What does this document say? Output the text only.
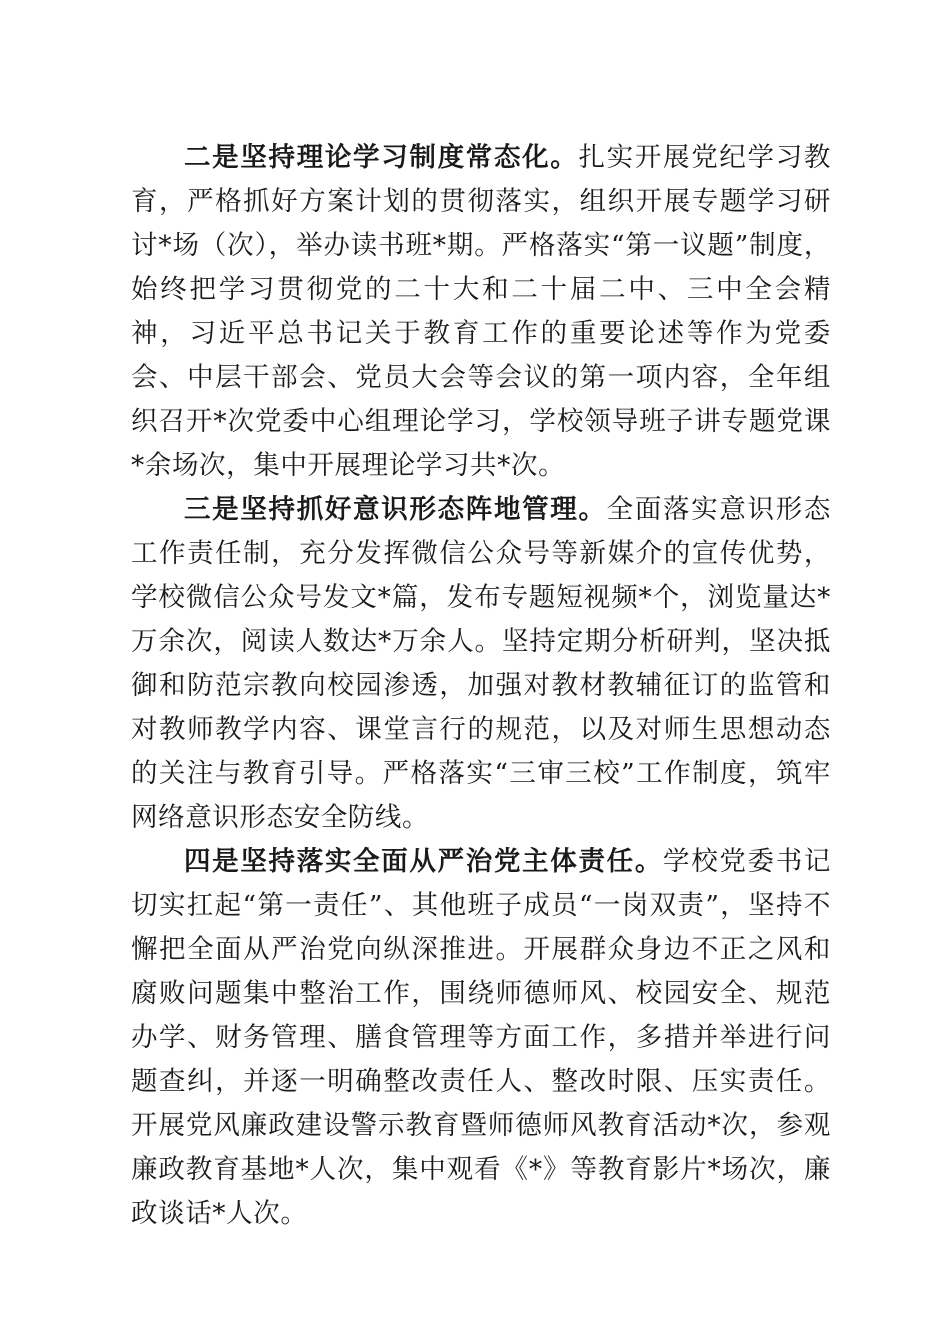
二是坚持理论学习制度常态化。扎实开展党纪学习教育，严格抓好方案计划的贯彻落实，组织开展专题学习研讨*场（次），举办读书班*期。严格落实“第一议题”制度，始终把学习贯彻党的二十大和二十届二中、三中全会精神，习近平总书记关于教育工作的重要论述等作为党委会、中层干部会、党员大会等会议的第一项内容，全年组织召开*次党委中心组理论学习，学校领导班子讲专题党课*余场次，集中开展理论学习共*次。

三是坚持抓好意识形态阵地管理。全面落实意识形态工作责任制，充分发挥微信公众号等新媒介的宣传优势，学校微信公众号发文*篇，发布专题短视频*个，浏览量达*万余次，阅读人数达*万余人。坚持定期分析研判，坚决抵御和防范宗教向校园渗透，加强对教材教辅征订的监管和对教师教学内容、课堂言行的规范，以及对师生思想动态的关注与教育引导。严格落实“三审三校”工作制度，筑牢网络意识形态安全防线。

四是坚持落实全面从严治党主体责任。学校党委书记切实扛起“第一责任”、其他班子成员“一岗双责”，坚持不懈把全面从严治党向纵深推进。开展群众身边不正之风和腐败问题集中整治工作，围绕师德师风、校园安全、规范办学、财务管理、膳食管理等方面工作，多措并举进行问题查纠，并逐一明确整改责任人、整改时限、压实责任。开展党风廉政建设警示教育暨师德师风教育活动*次，参观廉政教育基地*人次，集中观看《*》等教育影片*场次，廉政谈话*人次。
